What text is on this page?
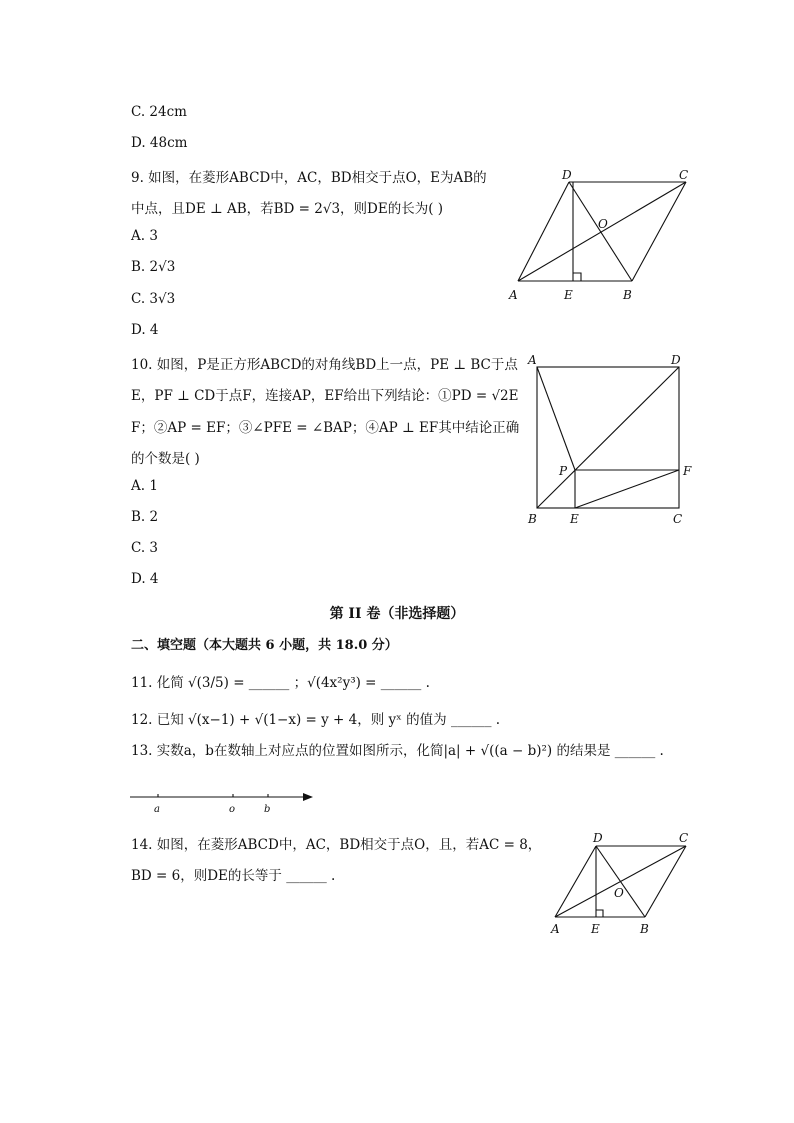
C. 24cm
D. 48cm
9. 如图，在菱形ABCD中，AC，BD相交于点O，E为AB的
中点，且DE ⊥ AB，若BD = 2√3，则DE的长为( )
A. 3
B. 2√3
C. 3√3
D. 4
D	C
O
A	E	B
10. 如图，P是正方形ABCD的对角线BD上一点，PE ⊥ BC于点
E，PF ⊥ CD于点F，连接AP，EF给出下列结论：①PD = √2E
F；②AP = EF；③∠PFE = ∠BAP；④AP ⊥ EF其中结论正确
的个数是( )
A. 1
B. 2
C. 3
D. 4
A	D
P	F
B	E	C
第 II 卷（非选择题）
二、填空题（本大题共 6 小题，共 18.0 分）
11. 化简 √(3/5) = ______ ；√(4x²y³) = ______ .
12. 已知 √(x−1) + √(1−x) = y + 4，则 yˣ 的值为 ______ .
13. 实数a，b在数轴上对应点的位置如图所示，化简|a| + √((a − b)²) 的结果是 ______ .
a	o	b
14. 如图，在菱形ABCD中，AC，BD相交于点O，且，若AC = 8，
BD = 6，则DE的长等于 ______ .
D	C
O
A	E	B
